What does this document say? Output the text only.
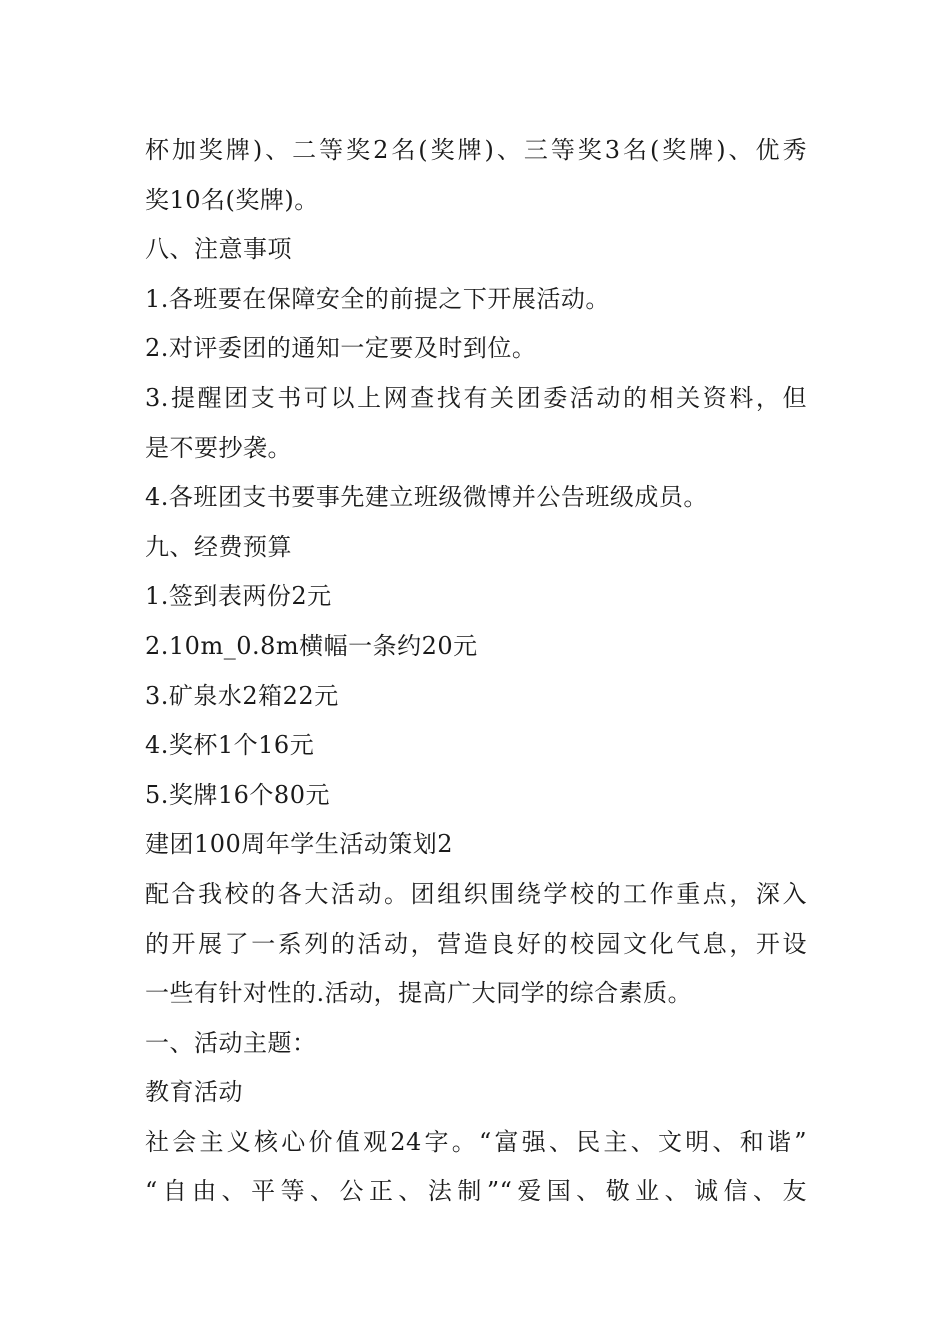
杯加奖牌)、二等奖2名(奖牌)、三等奖3名(奖牌)、优秀
奖10名(奖牌)。
八、注意事项
1.各班要在保障安全的前提之下开展活动。
2.对评委团的通知一定要及时到位。
3.提醒团支书可以上网查找有关团委活动的相关资料，但
是不要抄袭。
4.各班团支书要事先建立班级微博并公告班级成员。
九、经费预算
1.签到表两份2元
2.10m_0.8m横幅一条约20元
3.矿泉水2箱22元
4.奖杯1个16元
5.奖牌16个80元
建团100周年学生活动策划2
配合我校的各大活动。团组织围绕学校的工作重点，深入
的开展了一系列的活动，营造良好的校园文化气息，开设
一些有针对性的.活动，提高广大同学的综合素质。
一、活动主题：
教育活动
社会主义核心价值观24字。“富强、民主、文明、和谐”
“自由、平等、公正、法制”“爱国、敬业、诚信、友
